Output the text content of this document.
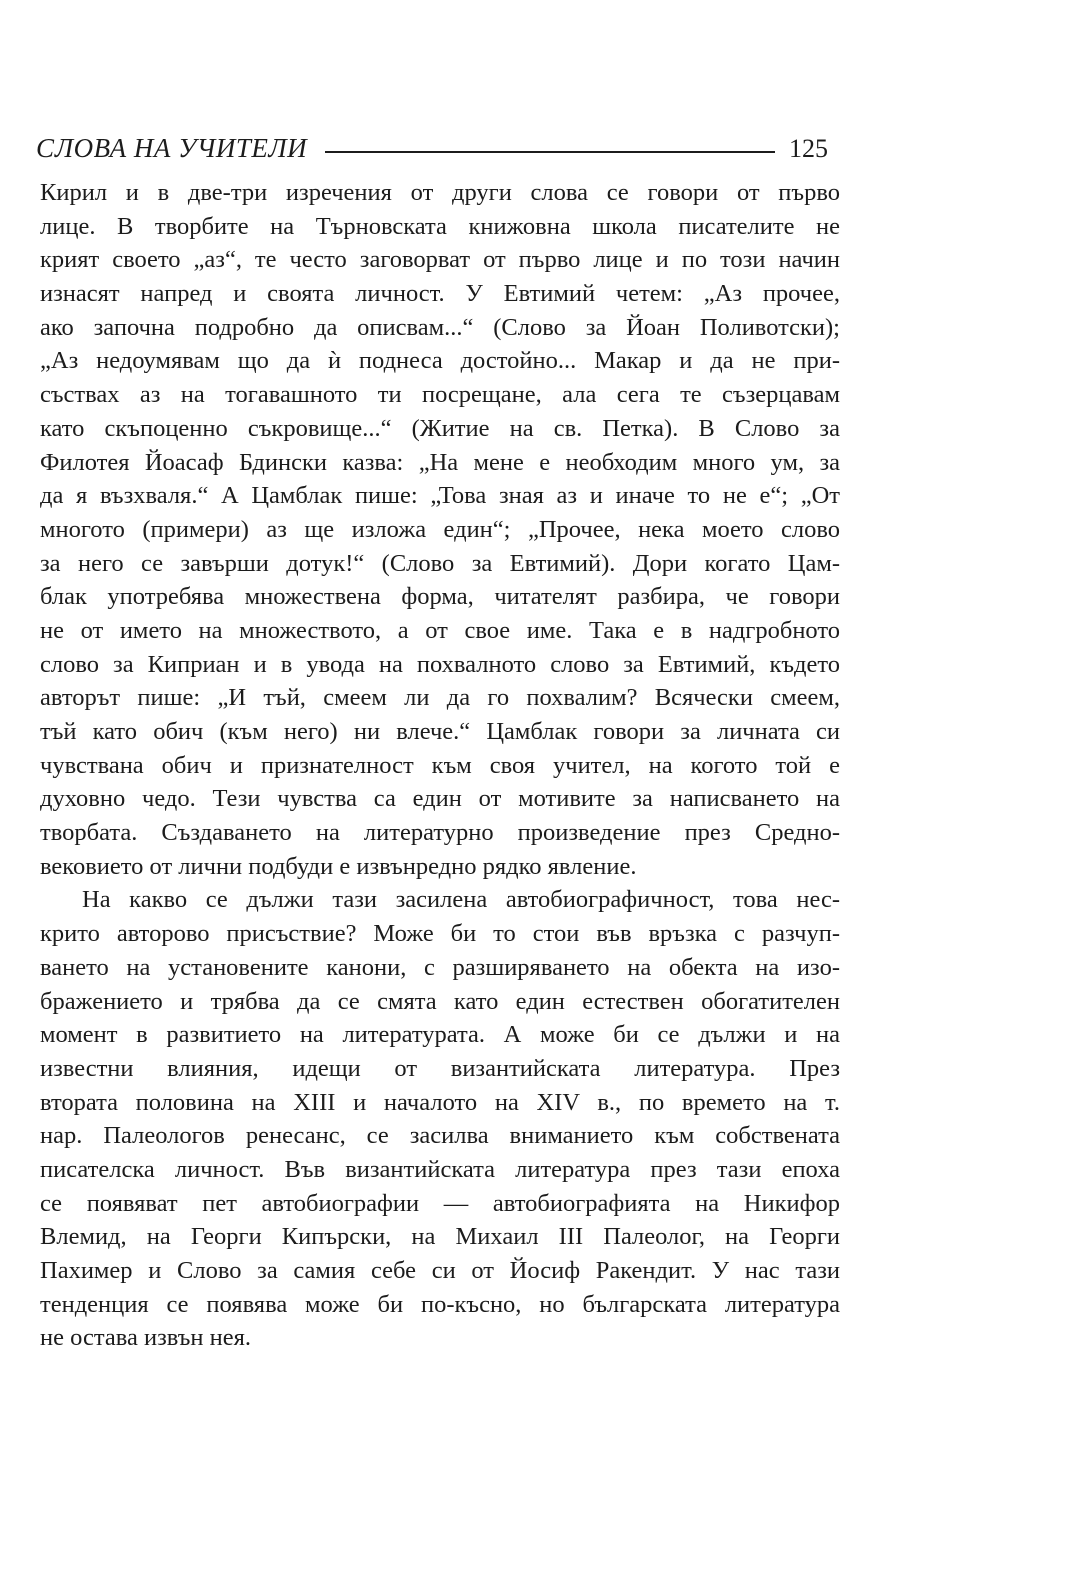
СЛОВА НА УЧИТЕЛИ	125
Кирил и в две-три изречения от други слова се говори от първо
лице. В творбите на Търновската книжовна школа писателите не
крият своето „аз“, те често заговорват от първо лице и по този начин
изнасят напред и своята личност. У Евтимий четем: „Аз прочее,
ако започна подробно да описвам...“ (Слово за Йоан Поливотски);
„Аз недоумявам що да ѝ поднеса достойно... Макар и да не при-
съствах аз на тогавашното ти посрещане, ала сега те съзерцавам
като скъпоценно съкровище...“ (Житие на св. Петка). В Слово за
Филотея Йоасаф Бдински казва: „На мене е необходим много ум, за
да я възхваля.“ А Цамблак пише: „Това зная аз и иначе то не е“; „От
многото (примери) аз ще изложа един“; „Прочее, нека моето слово
за него се завърши дотук!“ (Слово за Евтимий). Дори когато Цам-
блак употребява множествена форма, читателят разбира, че говори
не от името на множеството, а от свое име. Така е в надгробното
слово за Киприан и в увода на похвалното слово за Евтимий, където
авторът пише: „И тъй, смеем ли да го похвалим? Всячески смеем,
тъй като обич (към него) ни влече.“ Цамблак говори за личната си
чувствана обич и признателност към своя учител, на когото той е
духовно чедо. Тези чувства са един от мотивите за написването на
творбата. Създаването на литературно произведение през Средно-
вековието от лични подбуди е извънредно рядко явление.
На какво се дължи тази засилена автобиографичност, това нес-
крито авторово присъствие? Може би то стои във връзка с разчуп-
ването на установените канони, с разширяването на обекта на изо-
бражението и трябва да се смята като един естествен обогатителен
момент в развитието на литературата. А може би се дължи и на
известни влияния, идещи от византийската литература. През
втората половина на XIII и началото на XIV в., по времето на т.
нар. Палеологов ренесанс, се засилва вниманието към собствената
писателска личност. Във византийската литература през тази епоха
се появяват пет автобиографии — автобиографията на Никифор
Влемид, на Георги Кипърски, на Михаил III Палеолог, на Георги
Пахимер и Слово за самия себе си от Йосиф Ракендит. У нас тази
тенденция се появява може би по-късно, но българската литература
не остава извън нея.
